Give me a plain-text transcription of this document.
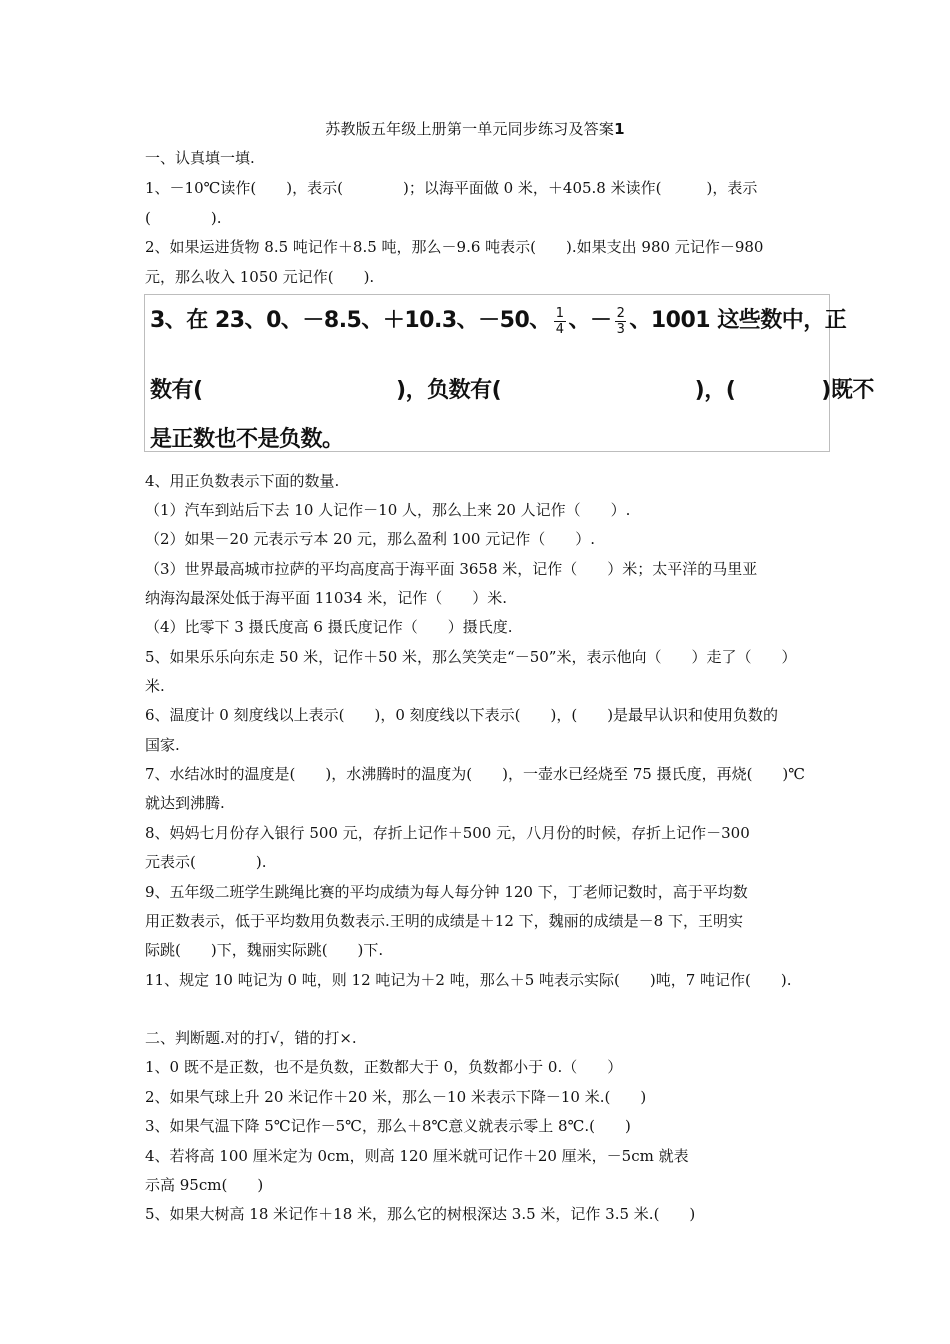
苏教版五年级上册第一单元同步练习及答案1
一、认真填一填.
1、－10℃读作(　　)，表示(　　　　)；以海平面做 0 米，＋405.8 米读作(　　　)，表示
(　　　　).
2、如果运进货物 8.5 吨记作＋8.5 吨，那么－9.6 吨表示(　　).如果支出 980 元记作－980
元，那么收入 1050 元记作(　　).
3、在 23、0、－8.5、＋10.3、－50、 $\frac{1}{4}$ 、－ $\frac{2}{3}$ 、1001 这些数中，正
数有(　　　　　　　　　)，负数有(　　　　　　　　　)，(　　　　)既不
是正数也不是负数。
4、用正负数表示下面的数量.
（1）汽车到站后下去 10 人记作－10 人，那么上来 20 人记作（　　）.
（2）如果－20 元表示亏本 20 元，那么盈利 100 元记作（　　）.
（3）世界最高城市拉萨的平均高度高于海平面 3658 米，记作（　　）米；太平洋的马里亚
纳海沟最深处低于海平面 11034 米，记作（　　）米.
（4）比零下 3 摄氏度高 6 摄氏度记作（　　）摄氏度.
5、如果乐乐向东走 50 米，记作＋50 米，那么笑笑走“－50”米，表示他向（　　）走了（　　）
米.
6、温度计 0 刻度线以上表示(　　)，0 刻度线以下表示(　　)，(　　)是最早认识和使用负数的
国家.
7、水结冰时的温度是(　　)，水沸腾时的温度为(　　)，一壶水已经烧至 75 摄氏度，再烧(　　)℃
就达到沸腾.
8、妈妈七月份存入银行 500 元，存折上记作＋500 元，八月份的时候，存折上记作－300
元表示(　　　　).
9、五年级二班学生跳绳比赛的平均成绩为每人每分钟 120 下，丁老师记数时，高于平均数
用正数表示，低于平均数用负数表示.王明的成绩是＋12 下，魏丽的成绩是－8 下，王明实
际跳(　　)下，魏丽实际跳(　　)下.
11、规定 10 吨记为 0 吨，则 12 吨记为＋2 吨，那么＋5 吨表示实际(　　)吨，7 吨记作(　　).
二、判断题.对的打√，错的打×.
1、0 既不是正数，也不是负数，正数都大于 0，负数都小于 0.（　　）
2、如果气球上升 20 米记作＋20 米，那么－10 米表示下降－10 米.(　　)
3、如果气温下降 5℃记作－5℃，那么＋8℃意义就表示零上 8℃.(　　)
4、若将高 100 厘米定为 0cm，则高 120 厘米就可记作＋20 厘米，－5cm 就表
示高 95cm(　　)
5、如果大树高 18 米记作＋18 米，那么它的树根深达 3.5 米，记作 3.5 米.(　　)
